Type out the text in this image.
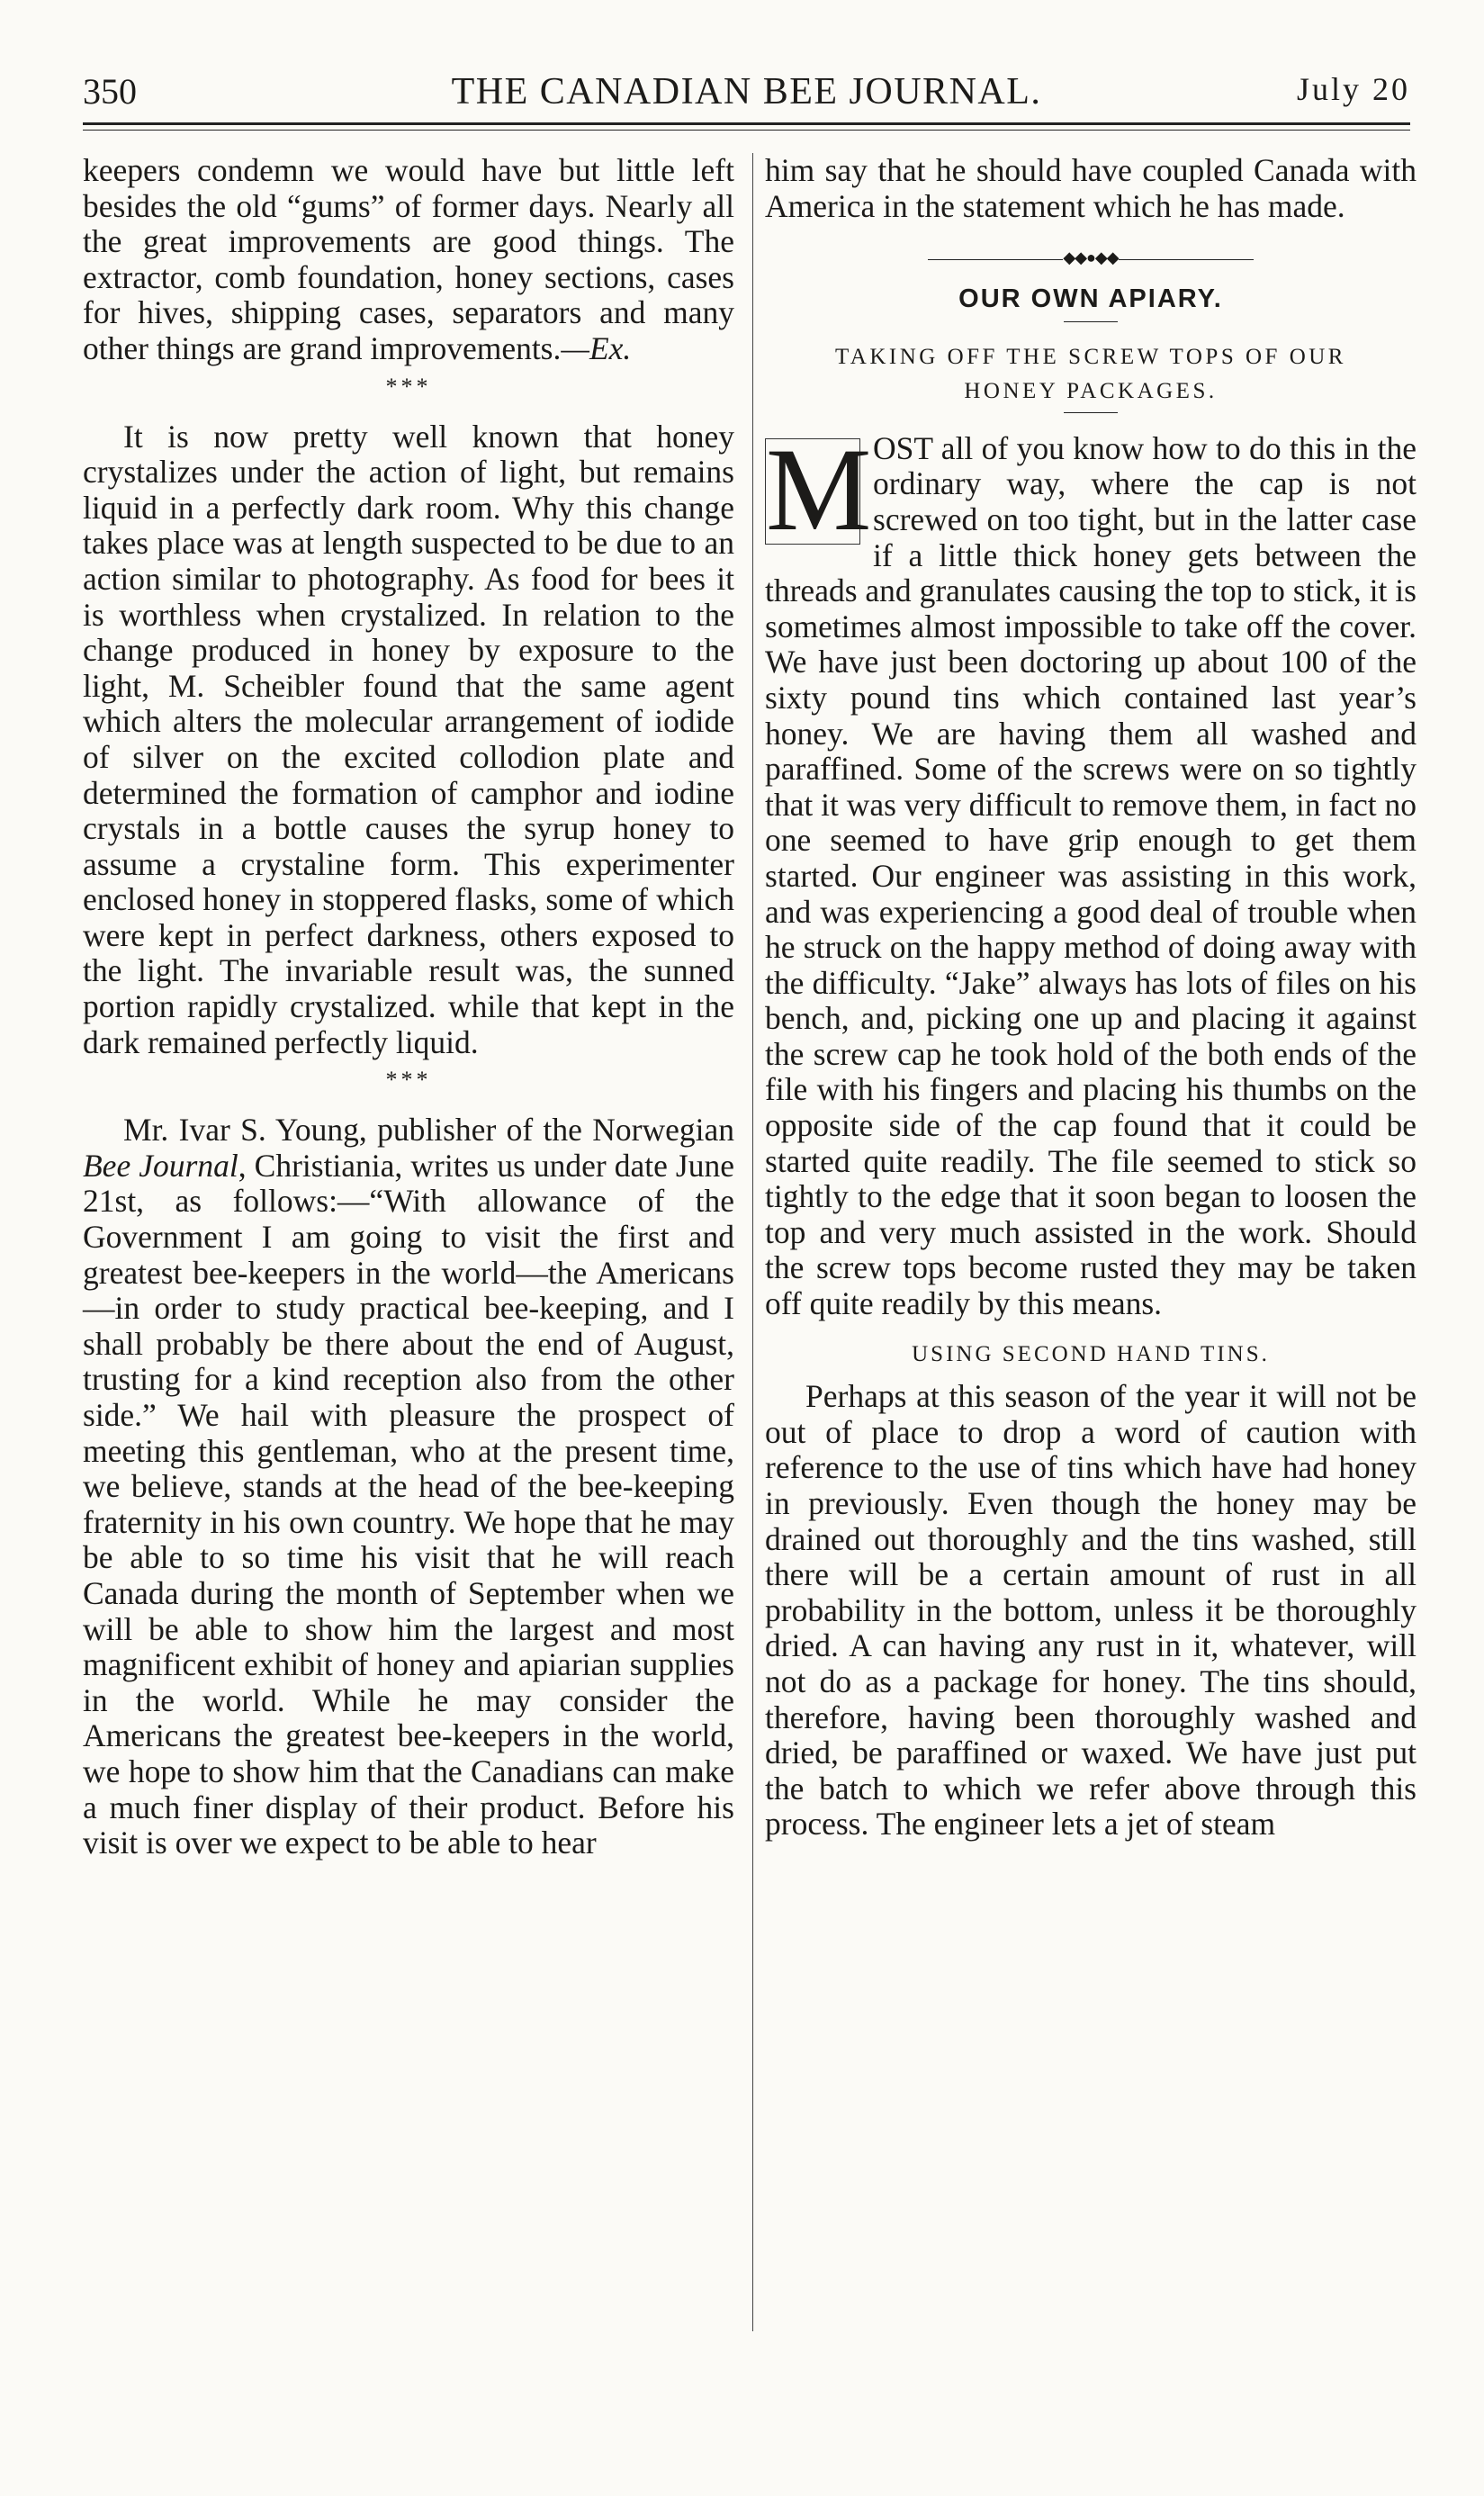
350	THE CANADIAN BEE JOURNAL.	July 20

keepers condemn we would have but little left besides the old “gums” of former days. Nearly all the great improvements are good things. The extractor, comb foundation, honey sections, cases for hives, shipping cases, separators and many other things are grand improvements.—Ex.

*⁣*⁣*

It is now pretty well known that honey crystalizes under the action of light, but remains liquid in a perfectly dark room. Why this change takes place was at length suspected to be due to an action similar to photography. As food for bees it is worthless when crystalized. In relation to the change produced in honey by exposure to the light, M. Scheibler found that the same agent which alters the molecular arrangement of iodide of silver on the excited collodion plate and determined the formation of camphor and iodine crystals in a bottle causes the syrup honey to assume a crystaline form. This experimenter enclosed honey in stoppered flasks, some of which were kept in perfect darkness, others exposed to the light. The invariable result was, the sunned portion rapidly crystalized. while that kept in the dark remained perfectly liquid.

*⁣*⁣*

Mr. Ivar S. Young, publisher of the Norwegian Bee Journal, Christiania, writes us under date June 21st, as follows:—“With allowance of the Government I am going to visit the first and greatest bee-keepers in the world—the Americans—in order to study practical bee-keeping, and I shall probably be there about the end of August, trusting for a kind reception also from the other side.” We hail with pleasure the prospect of meeting this gentleman, who at the present time, we believe, stands at the head of the bee-keeping fraternity in his own country. We hope that he may be able to so time his visit that he will reach Canada during the month of September when we will be able to show him the largest and most magnificent exhibit of honey and apiarian supplies in the world. While he may consider the Americans the greatest bee-keepers in the world, we hope to show him that the Canadians can make a much finer display of their product. Before his visit is over we expect to be able to hear

him say that he should have coupled Canada with America in the statement which he has made.

◆◆●◆◆
OUR OWN APIARY.
TAKING OFF THE SCREW TOPS OF OUR
HONEY PACKAGES.

M OST all of you know how to do this in the ordinary way, where the cap is not screwed on too tight, but in the latter case if a little thick honey gets between the threads and granulates causing the top to stick, it is sometimes almost impossible to take off the cover. We have just been doctoring up about 100 of the sixty pound tins which contained last year’s honey. We are having them all washed and paraffined. Some of the screws were on so tightly that it was very difficult to remove them, in fact no one seemed to have grip enough to get them started. Our engineer was assisting in this work, and was experiencing a good deal of trouble when he struck on the happy method of doing away with the difficulty. “Jake” always has lots of files on his bench, and, picking one up and placing it against the screw cap he took hold of the both ends of the file with his fingers and placing his thumbs on the opposite side of the cap found that it could be started quite readily. The file seemed to stick so tightly to the edge that it soon began to loosen the top and very much assisted in the work. Should the screw tops become rusted they may be taken off quite readily by this means.

USING SECOND HAND TINS.

Perhaps at this season of the year it will not be out of place to drop a word of caution with reference to the use of tins which have had honey in previously. Even though the honey may be drained out thoroughly and the tins washed, still there will be a certain amount of rust in all probability in the bottom, unless it be thoroughly dried. A can having any rust in it, whatever, will not do as a package for honey. The tins should, therefore, having been thoroughly washed and dried, be paraffined or waxed. We have just put the batch to which we refer above through this process. The engineer lets a jet of steam
